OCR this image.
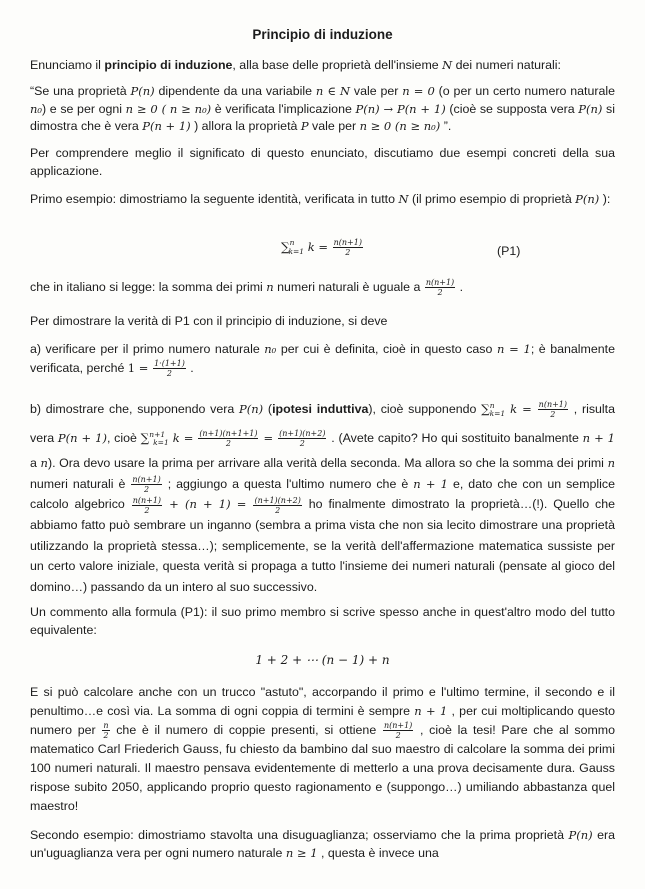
Principio di induzione
Enunciamo il principio di induzione, alla base delle proprietà dell'insieme N dei numeri naturali:
“Se una proprietà P(n) dipendente da una variabile n ∈ N vale per n = 0 (o per un certo numero naturale n₀) e se per ogni n ≥ 0 ( n ≥ n₀) è verificata l'implicazione P(n) → P(n + 1) (cioè se supposta vera P(n) si dimostra che è vera P(n + 1) ) allora la proprietà P vale per n ≥ 0 (n ≥ n₀) ”.
Per comprendere meglio il significato di questo enunciato, discutiamo due esempi concreti della sua applicazione.
Primo esempio: dimostriamo la seguente identità, verificata in tutto N (il primo esempio di proprietà P(n) ):
∑$^n_{k=1}$ $k = \frac{n(n+1)}{2}$	(P1)
che in italiano si legge: la somma dei primi n numeri naturali è uguale a $\frac{n(n+1)}{2}$ .
Per dimostrare la verità di P1 con il principio di induzione, si deve
a) verificare per il primo numero naturale n₀ per cui è definita, cioè in questo caso n = 1; è banalmente verificata, perché $1 = \frac{1\cdot(1+1)}{2}$ .
b) dimostrare che, supponendo vera P(n) (ipotesi induttiva), cioè supponendo ∑$^n_{k=1}$ $k = \frac{n(n+1)}{2}$ , risulta vera P(n + 1), cioè ∑$^{n+1}_{k=1}$ $k = \frac{(n+1)(n+1+1)}{2} = \frac{(n+1)(n+2)}{2}$ . (Avete capito? Ho qui sostituito banalmente n + 1 a n). Ora devo usare la prima per arrivare alla verità della seconda. Ma allora so che la somma dei primi n numeri naturali è $\frac{n(n+1)}{2}$ ; aggiungo a questa l'ultimo numero che è n + 1 e, dato che con un semplice calcolo algebrico $\frac{n(n+1)}{2} + (n + 1) = \frac{(n+1)(n+2)}{2}$ ho finalmente dimostrato la proprietà…(!). Quello che abbiamo fatto può sembrare un inganno (sembra a prima vista che non sia lecito dimostrare una proprietà utilizzando la proprietà stessa…); semplicemente, se la verità dell'affermazione matematica sussiste per un certo valore iniziale, questa verità si propaga a tutto l'insieme dei numeri naturali (pensate al gioco del domino…) passando da un intero al suo successivo.
Un commento alla formula (P1): il suo primo membro si scrive spesso anche in quest'altro modo del tutto equivalente:
1 + 2 + ⋯ (n − 1) + n
E si può calcolare anche con un trucco "astuto", accorpando il primo e l'ultimo termine, il secondo e il penultimo…e così via. La somma di ogni coppia di termini è sempre n + 1 , per cui moltiplicando questo numero per $\frac{n}{2}$ che è il numero di coppie presenti, si ottiene $\frac{n(n+1)}{2}$ , cioè la tesi! Pare che al sommo matematico Carl Friederich Gauss, fu chiesto da bambino dal suo maestro di calcolare la somma dei primi 100 numeri naturali. Il maestro pensava evidentemente di metterlo a una prova decisamente dura. Gauss rispose subito 2050, applicando proprio questo ragionamento e (suppongo…) umiliando abbastanza quel maestro!
Secondo esempio: dimostriamo stavolta una disuguaglianza; osserviamo che la prima proprietà P(n) era un'uguaglianza vera per ogni numero naturale n ≥ 1 , questa è invece una
